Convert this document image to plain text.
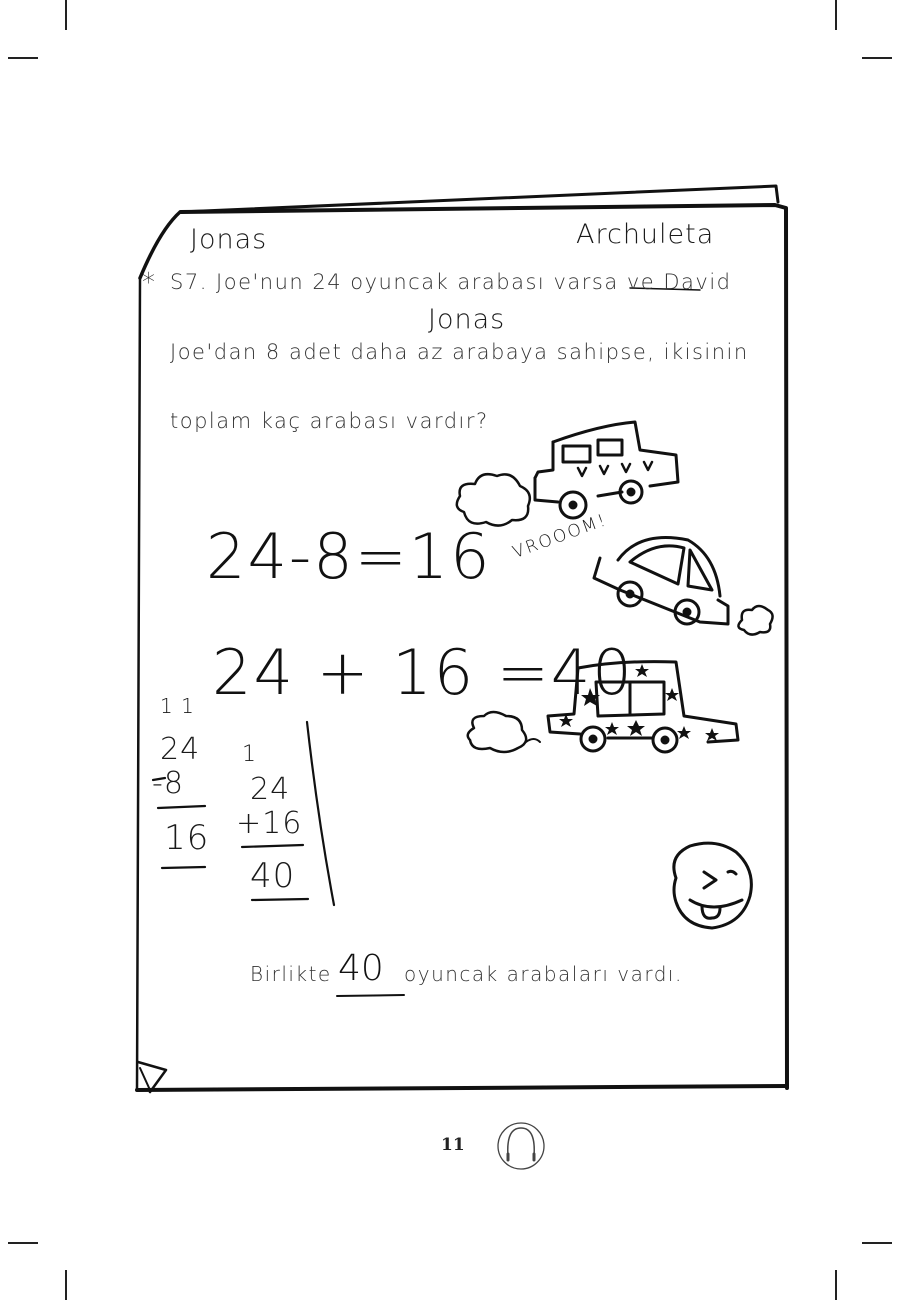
Jonas	Archuleta
* S7. Joe'nun 24 oyuncak arabası varsa ve David
Jonas
Joe'dan 8 adet daha az arabaya sahipse, ikisinin
toplam kaç arabası vardır?
24-8=16 VROOOM!
24 + 16 =40
1 1
24
-8
16
1
24
+16
40
Birlikte 40 oyuncak arabaları vardı.
11
